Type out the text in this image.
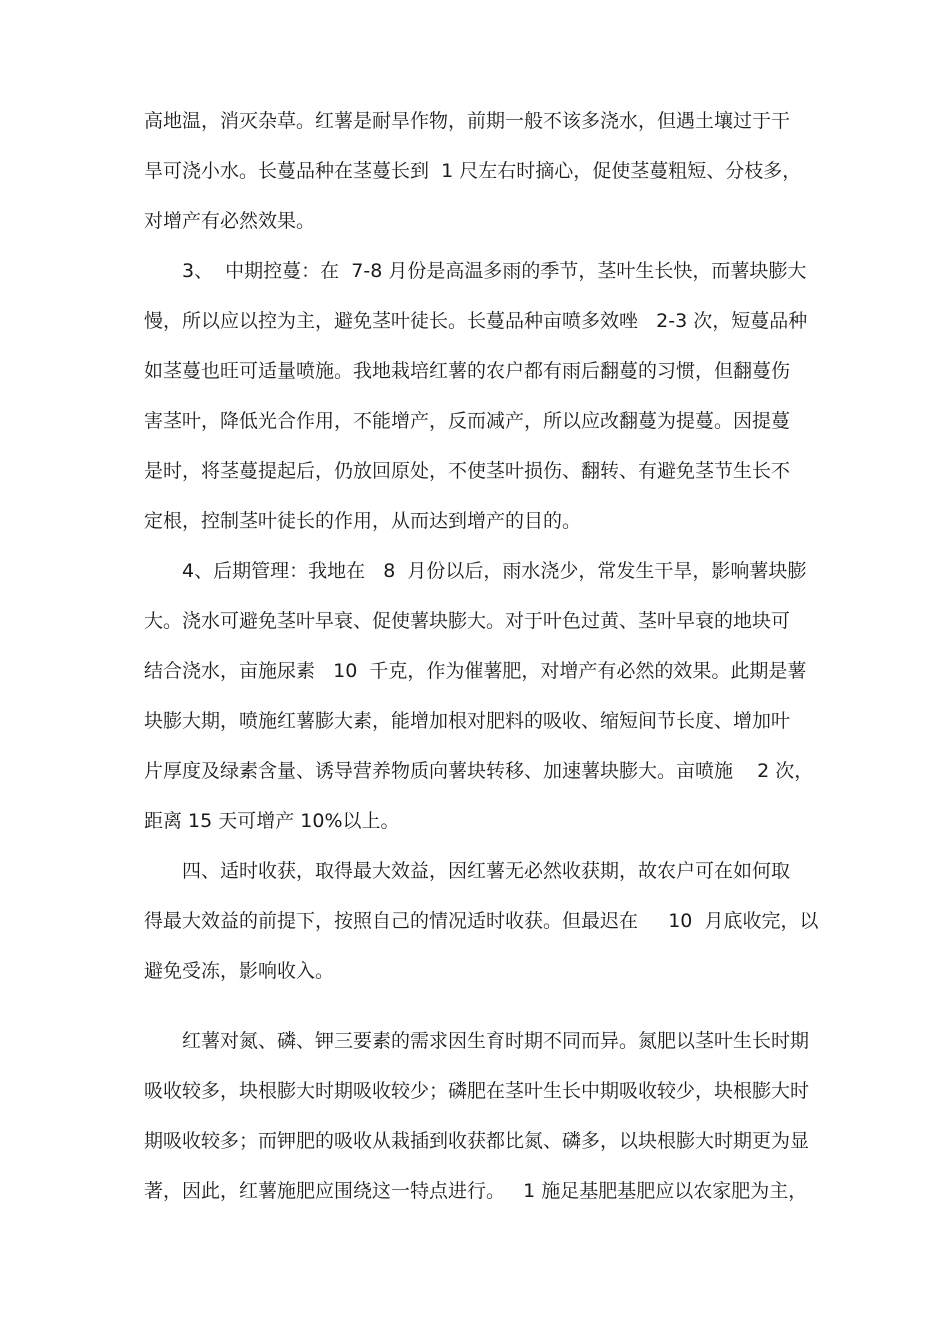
高地温，消灭杂草。红薯是耐旱作物，前期一般不该多浇水，但遇土壤过于干
旱可浇小水。长蔓品种在茎蔓长到  1 尺左右时摘心，促使茎蔓粗短、分枝多，
对增产有必然效果。
3、  中期控蔓：在  7-8 月份是高温多雨的季节，茎叶生长快，而薯块膨大
慢，所以应以控为主，避免茎叶徒长。长蔓品种亩喷多效唑   2-3 次，短蔓品种
如茎蔓也旺可适量喷施。我地栽培红薯的农户都有雨后翻蔓的习惯，但翻蔓伤
害茎叶，降低光合作用，不能增产，反而减产，所以应改翻蔓为提蔓。因提蔓
是时，将茎蔓提起后，仍放回原处，不使茎叶损伤、翻转、有避免茎节生长不
定根，控制茎叶徒长的作用，从而达到增产的目的。
4、后期管理：我地在   8  月份以后，雨水浇少，常发生干旱，影响薯块膨
大。浇水可避免茎叶早衰、促使薯块膨大。对于叶色过黄、茎叶早衰的地块可
结合浇水，亩施尿素   10  千克，作为催薯肥，对增产有必然的效果。此期是薯
块膨大期，喷施红薯膨大素，能增加根对肥料的吸收、缩短间节长度、增加叶
片厚度及绿素含量、诱导营养物质向薯块转移、加速薯块膨大。亩喷施    2 次，
距离 15 天可增产 10%以上。
四、适时收获，取得最大效益，因红薯无必然收获期，故农户可在如何取
得最大效益的前提下，按照自己的情况适时收获。但最迟在     10  月底收完，以
避免受冻，影响收入。
红薯对氮、磷、钾三要素的需求因生育时期不同而异。氮肥以茎叶生长时期
吸收较多，块根膨大时期吸收较少；磷肥在茎叶生长中期吸收较少，块根膨大时
期吸收较多；而钾肥的吸收从栽插到收获都比氮、磷多，以块根膨大时期更为显
著，因此，红薯施肥应围绕这一特点进行。   1 施足基肥基肥应以农家肥为主，
